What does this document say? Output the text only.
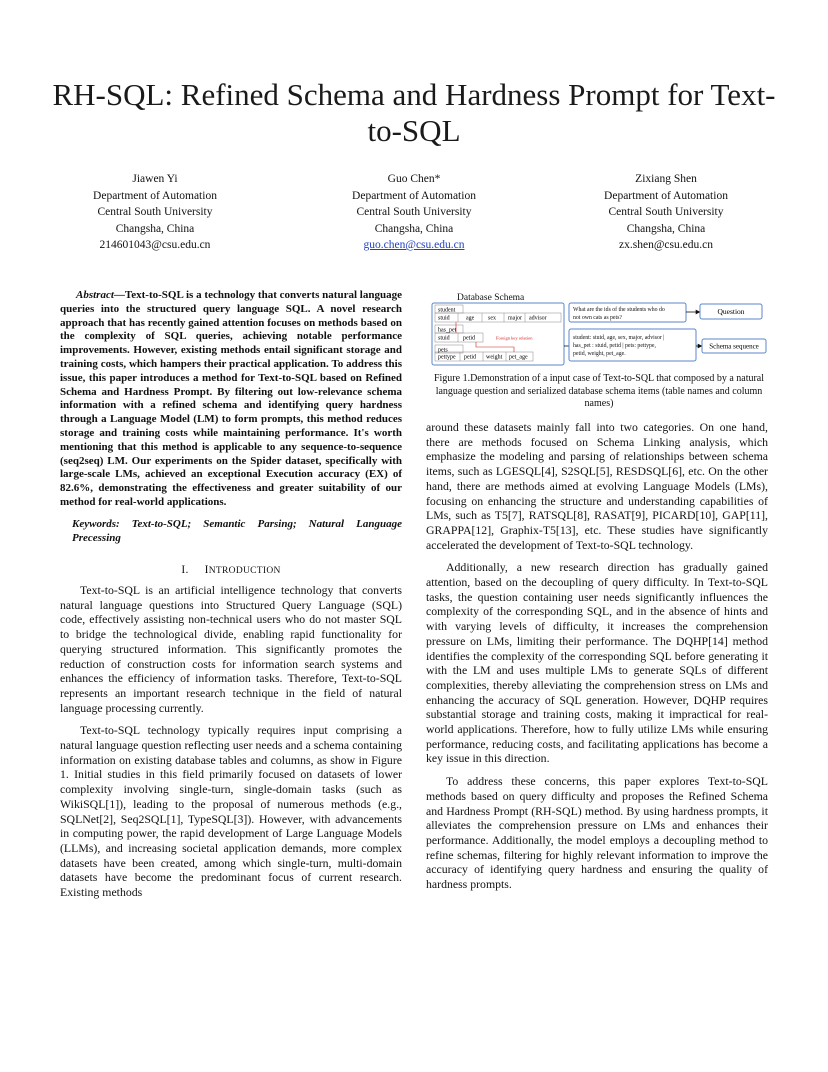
RH-SQL: Refined Schema and Hardness Prompt for Text-to-SQL
Jiawen Yi
Department of Automation
Central South University
Changsha, China
214601043@csu.edu.cn
Guo Chen*
Department of Automation
Central South University
Changsha, China
guo.chen@csu.edu.cn
Zixiang Shen
Department of Automation
Central South University
Changsha, China
zx.shen@csu.edu.cn

Abstract—Text-to-SQL is a technology that converts natural language queries into the structured query language SQL. A novel research approach that has recently gained attention focuses on methods based on the complexity of SQL queries, achieving notable performance improvements. However, existing methods entail significant storage and training costs, which hampers their practical application. To address this issue, this paper introduces a method for Text-to-SQL based on Refined Schema and Hardness Prompt. By filtering out low-relevance schema information with a refined schema and identifying query hardness through a Language Model (LM) to form prompts, this method reduces storage and training costs while maintaining performance. It's worth mentioning that this method is applicable to any sequence-to-sequence (seq2seq) LM. Our experiments on the Spider dataset, specifically with large-scale LMs, achieved an exceptional Execution accuracy (EX) of 82.6%, demonstrating the effectiveness and greater suitability of our method for real-world applications.

Keywords: Text-to-SQL; Semantic Parsing; Natural Language Precessing

I. INTRODUCTION

Text-to-SQL is an artificial intelligence technology that converts natural language questions into Structured Query Language (SQL) code, effectively assisting non-technical users who do not master SQL to bridge the technological divide, enabling rapid functionality for querying structured information. This significantly promotes the reduction of construction costs for information search systems and enhances the efficiency of information tasks. Therefore, Text-to-SQL represents an important research technique in the field of natural language processing currently.

Text-to-SQL technology typically requires input comprising a natural language question reflecting user needs and a schema containing information on existing database tables and columns, as show in Figure 1. Initial studies in this field primarily focused on datasets of lower complexity involving single-turn, single-domain tasks (such as WikiSQL[1]), leading to the proposal of numerous methods (e.g., SQLNet[2], Seq2SQL[1], TypeSQL[3]). However, with advancements in computing power, the rapid development of Large Language Models (LLMs), and increasing societal application demands, more complex datasets have been created, among which single-turn, multi-domain datasets have become the predominant focus of current research. Existing methods

Database Schema
student
stuid	age sex major advisor
has_pet
stuid petid
pets
pettype petid weight pet_age
Foreign key relation
What are the ids of the students who do not own cats as pets?
Question
student: stuid, age, sex, major, advisor | has_pet : stuid, petid | pets: pettype, petid, weight, pet_age.
Schema sequence
Figure 1.Demonstration of a input case of Text-to-SQL that composed by a natural language question and serialized database schema items (table names and column names)

around these datasets mainly fall into two categories. On one hand, there are methods focused on Schema Linking analysis, which emphasize the modeling and parsing of relationships between schema items, such as LGESQL[4], S2SQL[5], RESDSQL[6], etc. On the other hand, there are methods aimed at evolving Language Models (LMs), focusing on enhancing the structure and understanding capabilities of LMs, such as T5[7], RATSQL[8], RASAT[9], PICARD[10], GAP[11], GRAPPA[12], Graphix-T5[13], etc. These studies have significantly accelerated the development of Text-to-SQL technology.

Additionally, a new research direction has gradually gained attention, based on the decoupling of query difficulty. In Text-to-SQL tasks, the question containing user needs significantly influences the complexity of the corresponding SQL, and in the absence of hints and with varying levels of difficulty, it increases the comprehension pressure on LMs, limiting their performance. The DQHP[14] method identifies the complexity of the corresponding SQL before generating it with the LM and uses multiple LMs to generate SQLs of different complexities, thereby alleviating the comprehension stress on LMs and enhancing the accuracy of SQL generation. However, DQHP requires substantial storage and training costs, making it impractical for real-world applications. Therefore, how to fully utilize LMs while ensuring performance, reducing costs, and facilitating applications has become a key issue in this direction.

To address these concerns, this paper explores Text-to-SQL methods based on query difficulty and proposes the Refined Schema and Hardness Prompt (RH-SQL) method. By using hardness prompts, it alleviates the comprehension pressure on LMs and enhances their performance. Additionally, the model employs a decoupling method to refine schemas, filtering for highly relevant information to improve the accuracy of identifying query hardness and ensuring the quality of hardness prompts.
